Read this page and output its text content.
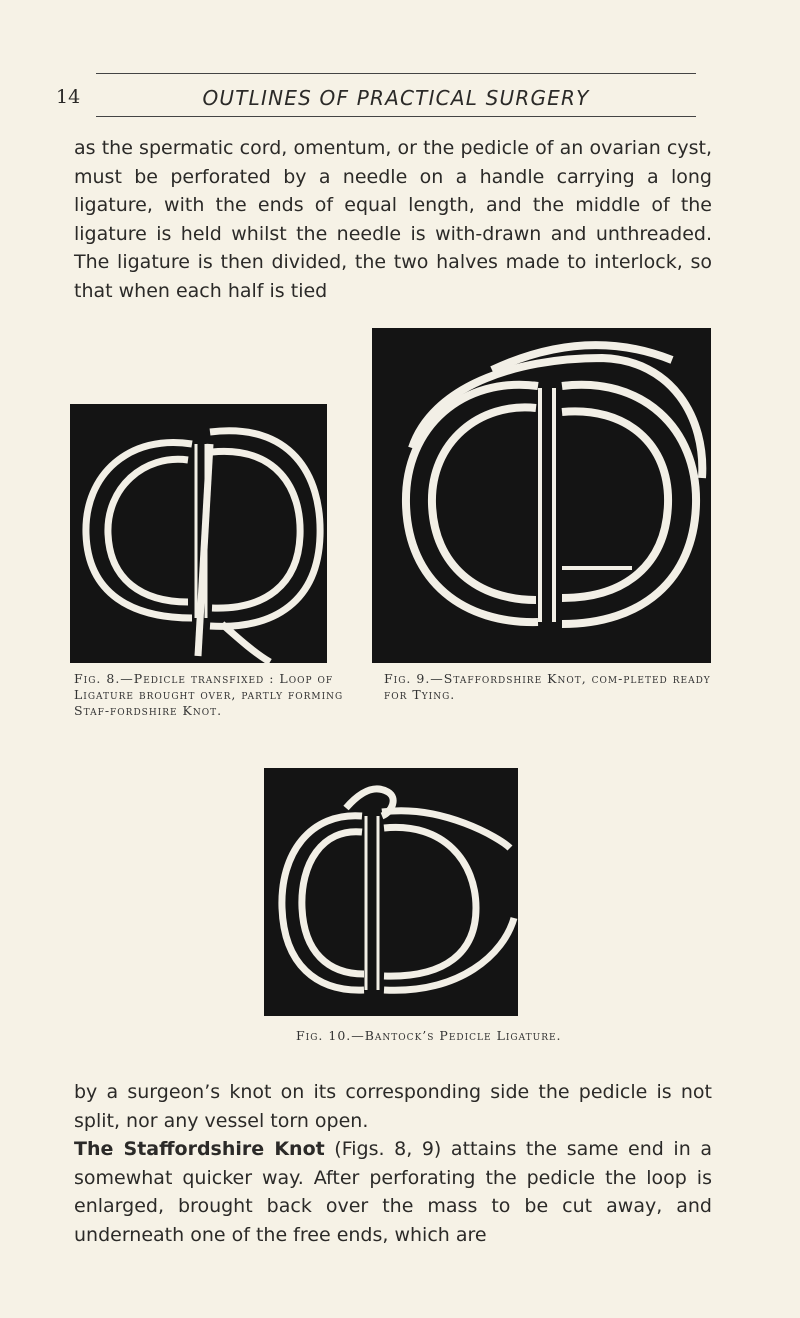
14	OUTLINES OF PRACTICAL SURGERY

as the spermatic cord, omentum, or the pedicle of an ovarian cyst, must be perforated by a needle on a handle carrying a long ligature, with the ends of equal length, and the middle of the ligature is held whilst the needle is with-drawn and unthreaded. The ligature is then divided, the two halves made to interlock, so that when each half is tied

Fig. 8.—Pedicle transfixed : Loop of Ligature brought over, partly forming Staf-fordshire Knot.
Fig. 9.—Staffordshire Knot, com-pleted ready for Tying.
Fig. 10.—Bantock’s Pedicle Ligature.
by a surgeon’s knot on its corresponding side the pedicle is not split, nor any vessel torn open.
The Staffordshire Knot (Figs. 8, 9) attains the same end in a somewhat quicker way. After perforating the pedicle the loop is enlarged, brought back over the mass to be cut away, and underneath one of the free ends, which are
